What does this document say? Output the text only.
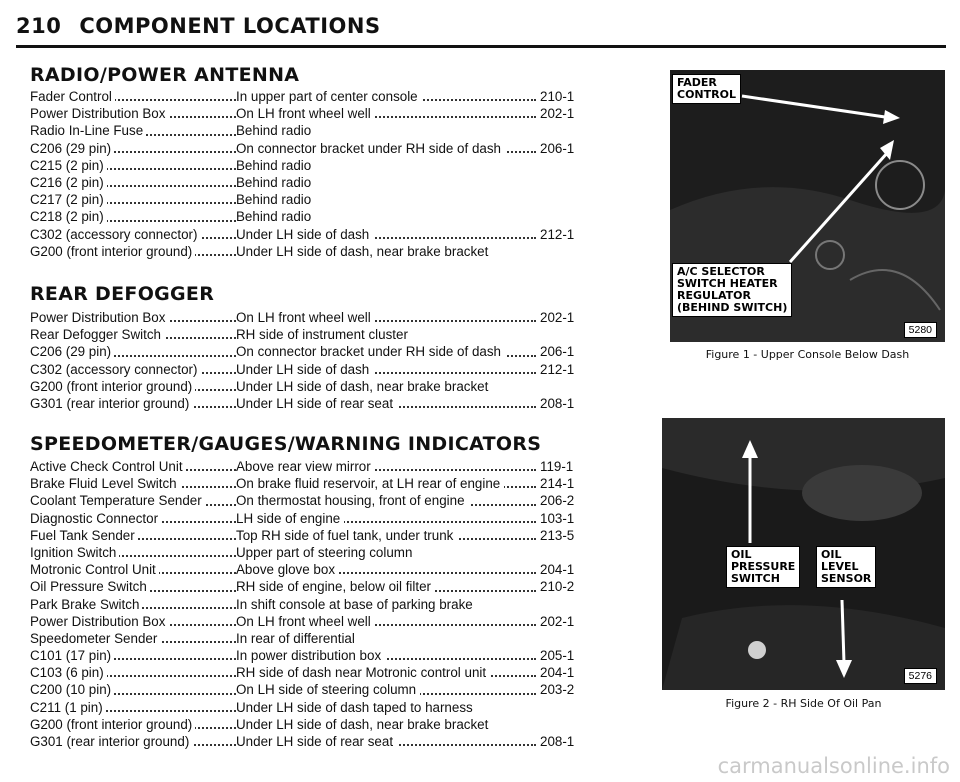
210 COMPONENT LOCATIONS
RADIO/POWER ANTENNA
Fader Control	In upper part of center console	210-1
Power Distribution Box	On LH front wheel well	202-1
Radio In-Line Fuse	Behind radio
C206 (29 pin)	On connector bracket under RH side of dash	206-1
C215 (2 pin)	Behind radio
C216 (2 pin)	Behind radio
C217 (2 pin)	Behind radio
C218 (2 pin)	Behind radio
C302 (accessory connector)	Under LH side of dash	212-1
G200 (front interior ground)	Under LH side of dash, near brake bracket
REAR DEFOGGER
Power Distribution Box	On LH front wheel well	202-1
Rear Defogger Switch	RH side of instrument cluster
C206 (29 pin)	On connector bracket under RH side of dash	206-1
C302 (accessory connector)	Under LH side of dash	212-1
G200 (front interior ground)	Under LH side of dash, near brake bracket
G301 (rear interior ground)	Under LH side of rear seat	208-1
SPEEDOMETER/GAUGES/WARNING INDICATORS
Active Check Control Unit	Above rear view mirror	119-1
Brake Fluid Level Switch	On brake fluid reservoir, at LH rear of engine	214-1
Coolant Temperature Sender	On thermostat housing, front of engine	206-2
Diagnostic Connector	LH side of engine	103-1
Fuel Tank Sender	Top RH side of fuel tank, under trunk	213-5
Ignition Switch	Upper part of steering column
Motronic Control Unit	Above glove box	204-1
Oil Pressure Switch	RH side of engine, below oil filter	210-2
Park Brake Switch	In shift console at base of parking brake
Power Distribution Box	On LH front wheel well	202-1
Speedometer Sender	In rear of differential
C101 (17 pin)	In power distribution box	205-1
C103 (6 pin)	RH side of dash near Motronic control unit	204-1
C200 (10 pin)	On LH side of steering column	203-2
C211 (1 pin)	Under LH side of dash taped to harness
G200 (front interior ground)	Under LH side of dash, near brake bracket
G301 (rear interior ground)	Under LH side of rear seat	208-1
FADER
CONTROL
A/C SELECTOR
SWITCH HEATER
REGULATOR
(BEHIND SWITCH)
5280
Figure 1 - Upper Console Below Dash
OIL
PRESSURE
SWITCH
OIL
LEVEL
SENSOR
5276
Figure 2 - RH Side Of Oil Pan
carmanualsonline.info
